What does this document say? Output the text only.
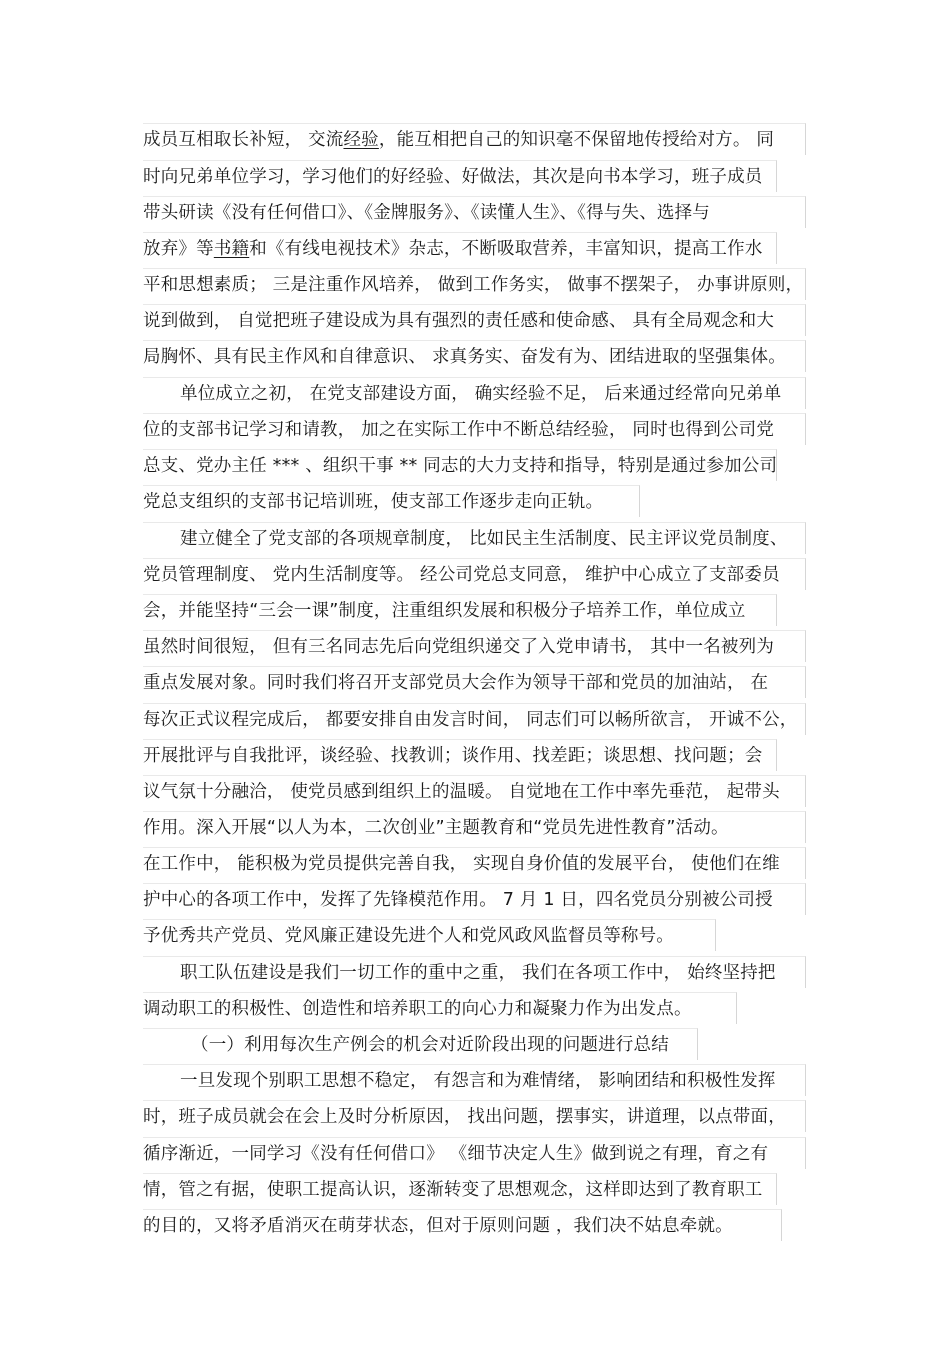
成员互相取长补短， 交流经验，能互相把自己的知识毫不保留地传授给对方。 同
时向兄弟单位学习，学习他们的好经验、好做法，其次是向书本学习，班子成员
带头研读《没有任何借口》、《金牌服务》、《读懂人生》、《得与失、选择与
放弃》等书籍和《有线电视技术》杂志，不断吸取营养，丰富知识，提高工作水
平和思想素质； 三是注重作风培养， 做到工作务实， 做事不摆架子， 办事讲原则，
说到做到， 自觉把班子建设成为具有强烈的责任感和使命感、 具有全局观念和大
局胸怀、具有民主作风和自律意识、 求真务实、奋发有为、团结进取的坚强集体。
单位成立之初， 在党支部建设方面， 确实经验不足， 后来通过经常向兄弟单
位的支部书记学习和请教， 加之在实际工作中不断总结经验， 同时也得到公司党
总支、党办主任 *** 、组织干事 ** 同志的大力支持和指导，特别是通过参加公司
党总支组织的支部书记培训班，使支部工作逐步走向正轨。
建立健全了党支部的各项规章制度， 比如民主生活制度、民主评议党员制度、
党员管理制度、 党内生活制度等。 经公司党总支同意， 维护中心成立了支部委员
会，并能坚持“三会一课”制度，注重组织发展和积极分子培养工作，单位成立
虽然时间很短， 但有三名同志先后向党组织递交了入党申请书， 其中一名被列为
重点发展对象。同时我们将召开支部党员大会作为领导干部和党员的加油站， 在
每次正式议程完成后， 都要安排自由发言时间， 同志们可以畅所欲言， 开诚不公，
开展批评与自我批评，谈经验、找教训；谈作用、找差距；谈思想、找问题；会
议气氛十分融洽， 使党员感到组织上的温暖。 自觉地在工作中率先垂范， 起带头
作用。深入开展“以人为本，二次创业”主题教育和“党员先进性教育”活动。
在工作中， 能积极为党员提供完善自我， 实现自身价值的发展平台， 使他们在维
护中心的各项工作中，发挥了先锋模范作用。 7 月 1 日，四名党员分别被公司授
予优秀共产党员、党风廉正建设先进个人和党风政风监督员等称号。
职工队伍建设是我们一切工作的重中之重， 我们在各项工作中， 始终坚持把
调动职工的积极性、创造性和培养职工的向心力和凝聚力作为出发点。
（一）利用每次生产例会的机会对近阶段出现的问题进行总结
一旦发现个别职工思想不稳定， 有怨言和为难情绪， 影响团结和积极性发挥
时，班子成员就会在会上及时分析原因， 找出问题，摆事实，讲道理，以点带面，
循序渐近，一同学习《没有任何借口》 《细节决定人生》做到说之有理，育之有
情，管之有据，使职工提高认识，逐渐转变了思想观念，这样即达到了教育职工
的目的，又将矛盾消灭在萌芽状态，但对于原则问题 ，我们决不姑息牵就。
